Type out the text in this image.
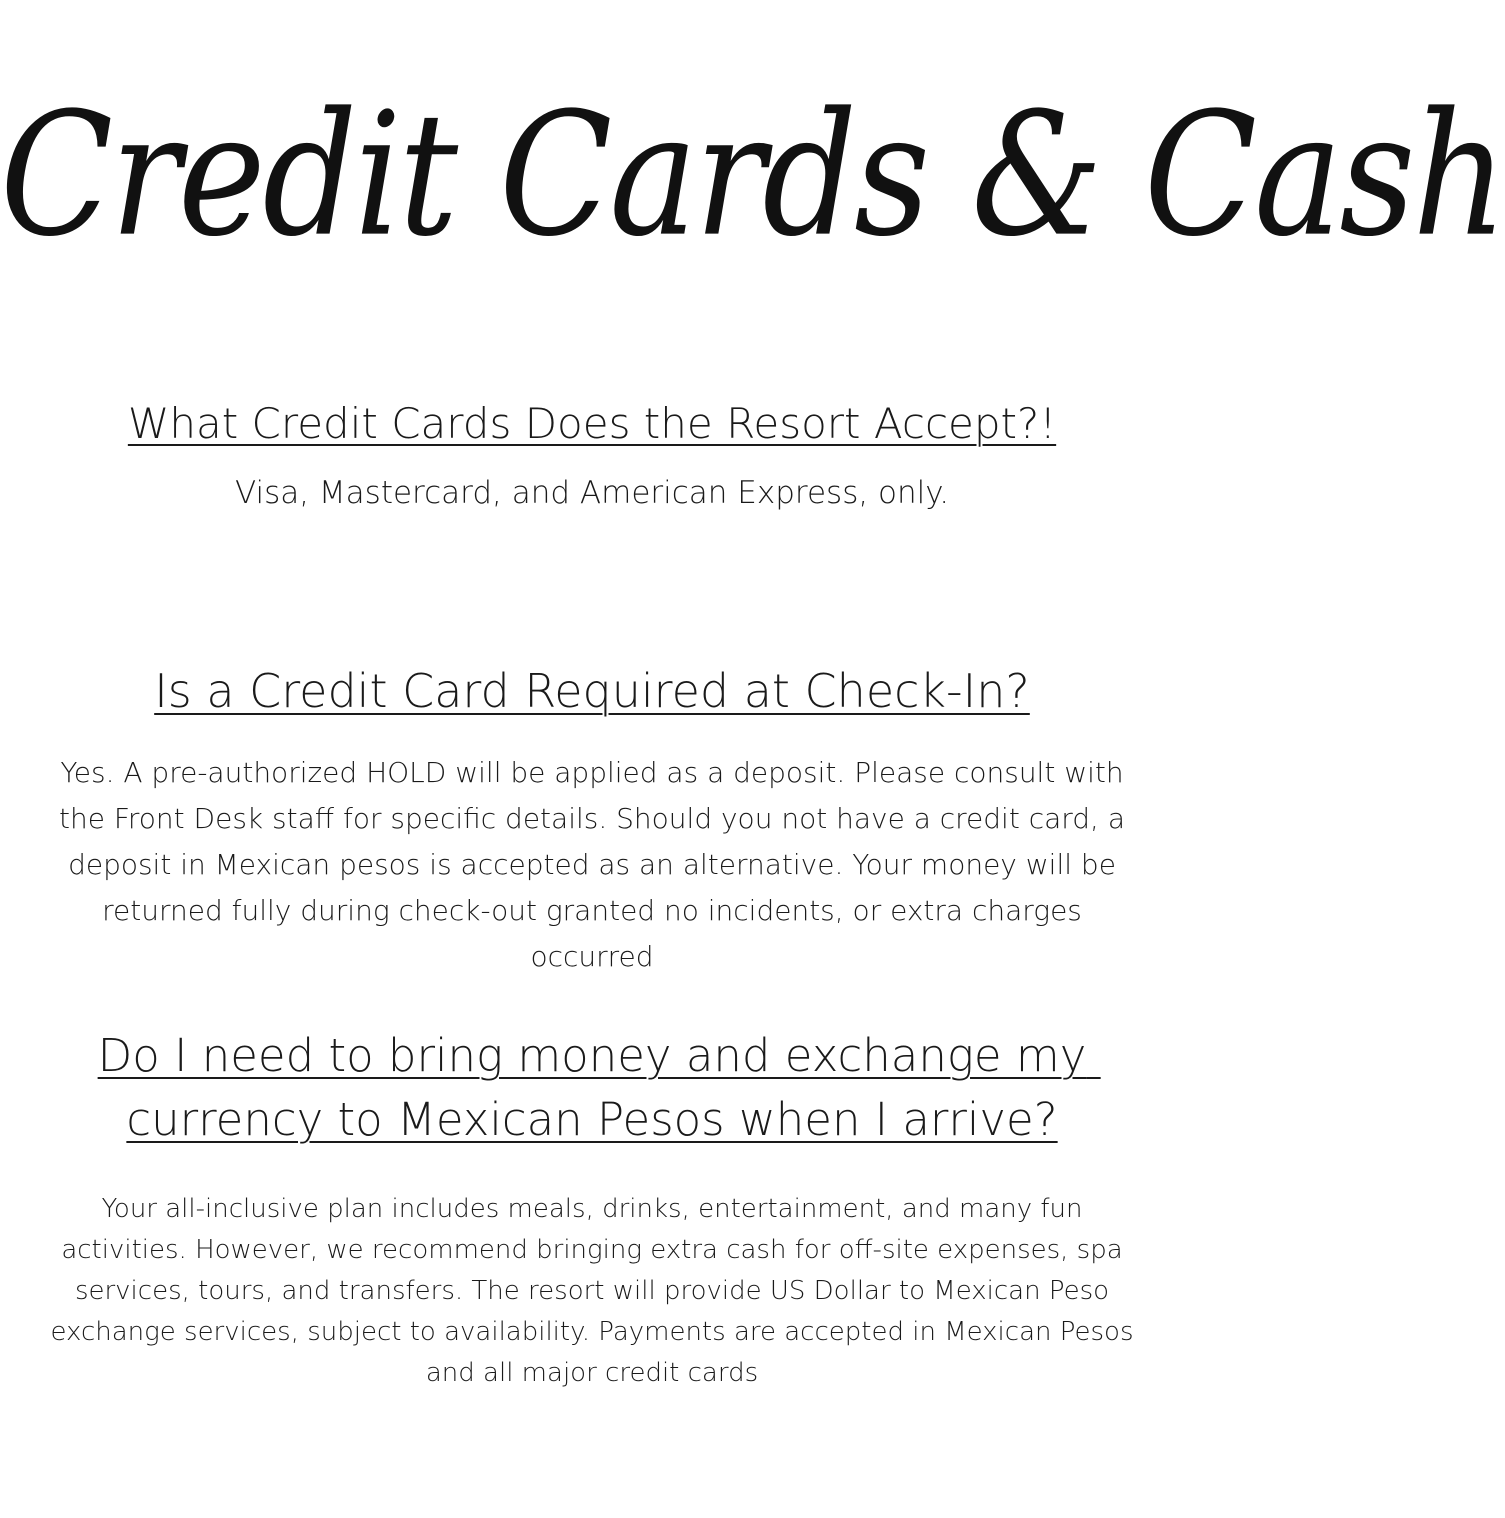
Credit Cards & Cash
What Credit Cards Does the Resort Accept?!

Visa, Mastercard, and American Express, only.

Is a Credit Card Required at Check-In?

Yes. A pre-authorized HOLD will be applied as a deposit. Please consult with the Front Desk staff for specific details. Should you not have a credit card, a deposit in Mexican pesos is accepted as an alternative. Your money will be returned fully during check-out granted no incidents, or extra charges occurred

Do I need to bring money and exchange my currency to Mexican Pesos when I arrive?

Your all-inclusive plan includes meals, drinks, entertainment, and many fun activities. However, we recommend bringing extra cash for off-site expenses, spa services, tours, and transfers. The resort will provide US Dollar to Mexican Peso exchange services, subject to availability. Payments are accepted in Mexican Pesos and all major credit cards
